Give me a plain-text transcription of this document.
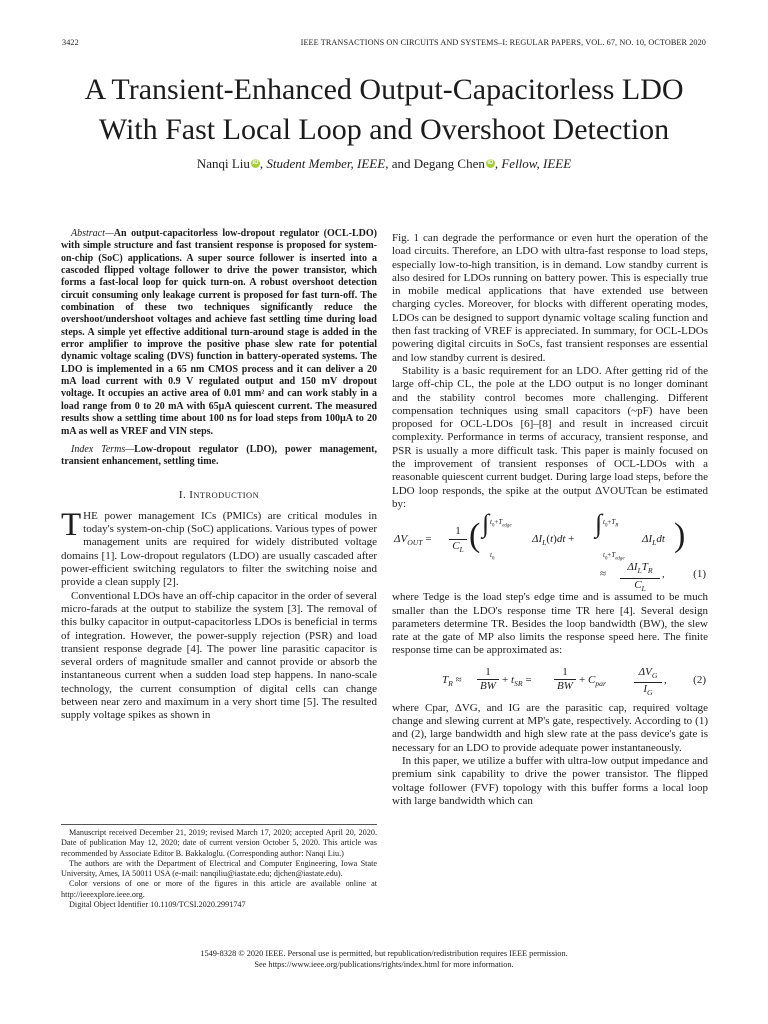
3422	IEEE TRANSACTIONS ON CIRCUITS AND SYSTEMS–I: REGULAR PAPERS, VOL. 67, NO. 10, OCTOBER 2020
A Transient-Enhanced Output-Capacitorless LDO
With Fast Local Loop and Overshoot Detection
Nanqi Liu iD , Student Member, IEEE, and Degang Chen iD , Fellow, IEEE

Abstract—An output-capacitorless low-dropout regulator (OCL-LDO) with simple structure and fast transient response is proposed for system-on-chip (SoC) applications. A super source follower is inserted into a cascoded flipped voltage follower to drive the power transistor, which forms a fast-local loop for quick turn-on. A robust overshoot detection circuit consuming only leakage current is proposed for fast turn-off. The combination of these two techniques significantly reduce the overshoot/undershoot voltages and achieve fast settling time during load steps. A simple yet effective additional turn-around stage is added in the error amplifier to improve the positive phase slew rate for potential dynamic voltage scaling (DVS) function in battery-operated systems. The LDO is implemented in a 65 nm CMOS process and it can deliver a 20 mA load current with 0.9 V regulated output and 150 mV dropout voltage. It occupies an active area of 0.01 mm² and can work stably in a load range from 0 to 20 mA with 65µA quiescent current. The measured results show a settling time about 100 ns for load steps from 100µA to 20 mA as well as VREF and VIN steps.

Index Terms—Low-dropout regulator (LDO), power management, transient enhancement, settling time.

I. INTRODUCTION

THE power management ICs (PMICs) are critical modules in today's system-on-chip (SoC) applications. Various types of power management units are required for widely distributed voltage domains [1]. Low-dropout regulators (LDO) are usually cascaded after power-efficient switching regulators to filter the switching noise and provide a clean supply [2].

Conventional LDOs have an off-chip capacitor in the order of several micro-farads at the output to stabilize the system [3]. The removal of this bulky capacitor in output-capacitorless LDOs is beneficial in terms of integration. However, the power-supply rejection (PSR) and load transient response degrade [4]. The power line parasitic capacitor is several orders of magnitude smaller and cannot provide or absorb the instantaneous current when a sudden load step happens. In nano-scale technology, the current consumption of digital cells can change between near zero and maximum in a very short time [5]. The resulted supply voltage spikes as shown in

Manuscript received December 21, 2019; revised March 17, 2020; accepted April 20, 2020. Date of publication May 12, 2020; date of current version October 5, 2020. This article was recommended by Associate Editor B. Bakkaloglu. (Corresponding author: Nanqi Liu.)

The authors are with the Department of Electrical and Computer Engineering, Iowa State University, Ames, IA 50011 USA (e-mail: nanqiliu@iastate.edu; djchen@iastate.edu).

Color versions of one or more of the figures in this article are available online at http://ieeexplore.ieee.org.

Digital Object Identifier 10.1109/TCSI.2020.2991747

Fig. 1 can degrade the performance or even hurt the operation of the load circuits. Therefore, an LDO with ultra-fast response to load steps, especially low-to-high transition, is in demand. Low standby current is also desired for LDOs running on battery power. This is especially true in mobile medical applications that have extended use between charging cycles. Moreover, for blocks with different operating modes, LDOs can be designed to support dynamic voltage scaling function and then fast tracking of VREF is appreciated. In summary, for OCL-LDOs powering digital circuits in SoCs, fast transient responses are essential and low standby current is desired.

Stability is a basic requirement for an LDO. After getting rid of the large off-chip CL, the pole at the LDO output is no longer dominant and the stability control becomes more challenging. Different compensation techniques using small capacitors (~pF) have been proposed for OCL-LDOs [6]–[8] and result in increased circuit complexity. Performance in terms of accuracy, transient response, and PSR is usually a more difficult task. This paper is mainly focused on the improvement of transient responses of OCL-LDOs with a reasonable quiescent current budget. During large load steps, before the LDO loop responds, the spike at the output ΔVOUTcan be estimated by:

$\Delta V_{OUT} = \frac{1}{C_L}$ ( ∫ $t_0+T_{edge}$
$t_0$
$\Delta I_L(t)dt$ +
∫ $t_0+T_R$
$t_0+T_{edge}$
$\Delta I_Ldt$ )
≈
$\Delta I_LT_R$
$C_L$
,	(1)

where Tedge is the load step's edge time and is assumed to be much smaller than the LDO's response time TR here [4]. Several design parameters determine TR. Besides the loop bandwidth (BW), the slew rate at the gate of MP also limits the response speed here. The finite response time can be approximated as:

$T_R \approx \frac{1}{BW} + t_{SR} = \frac{1}{BW} + C_{par}$
$\Delta V_G$
$I_G$
, (2)

where Cpar, ΔVG, and IG are the parasitic cap, required voltage change and slewing current at MP's gate, respectively. According to (1) and (2), large bandwidth and high slew rate at the pass device's gate is necessary for an LDO to provide adequate power instantaneously.

In this paper, we utilize a buffer with ultra-low output impedance and premium sink capability to drive the power transistor. The flipped voltage follower (FVF) topology with this buffer forms a local loop with large bandwidth which can

1549-8328 © 2020 IEEE. Personal use is permitted, but republication/redistribution requires IEEE permission.
See https://www.ieee.org/publications/rights/index.html for more information.
